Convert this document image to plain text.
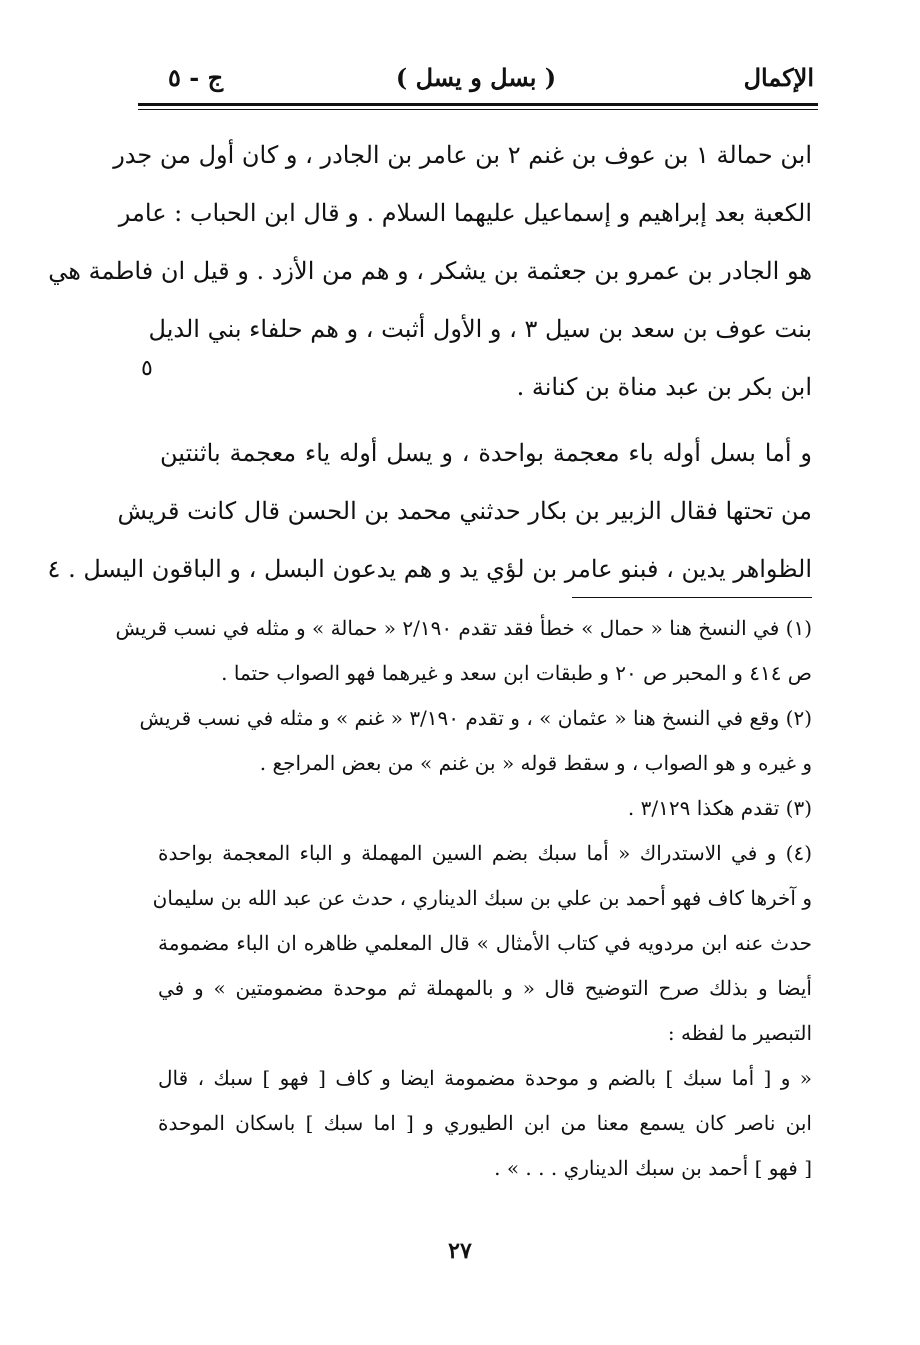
الإكمال
( بسل و يسل )
ج - ٥

ابن حمالة ١ بن عوف بن غنم ٢ بن عامر بن الجادر ، و كان أول من جدر

الكعبة بعد إبراهيم و إسماعيل عليهما السلام . و قال ابن الحباب : عامر

هو الجادر بن عمرو بن جعثمة بن يشكر ، و هم من الأزد . و قيل ان فاطمة هي

بنت عوف بن سعد بن سيل ٣ ، و الأول أثبت ، و هم حلفاء بني الديل

ابن بكر بن عبد مناة بن كنانة .

و أما بسل أوله باء معجمة بواحدة ، و يسل أوله ياء معجمة باثنتين

من تحتها فقال الزبير بن بكار حدثني محمد بن الحسن قال كانت قريش

الظواهر يدين ، فبنو عامر بن لؤي يد و هم يدعون البسل ، و الباقون اليسل . ٤

٥

(١) في النسخ هنا « حمال » خطأ فقد تقدم ٢/١٩٠ « حمالة » و مثله في نسب قريش

ص ٤١٤ و المحبر ص ٢٠ و طبقات ابن سعد و غيرهما فهو الصواب حتما .

(٢) وقع في النسخ هنا « عثمان » ، و تقدم ٣/١٩٠ « غنم » و مثله في نسب قريش

و غيره و هو الصواب ، و سقط قوله « بن غنم » من بعض المراجع .

(٣) تقدم هكذا ٣/١٢٩ .

(٤) و في الاستدراك « أما سبك بضم السين المهملة و الباء المعجمة بواحدة

و آخرها كاف فهو أحمد بن علي بن سبك الديناري ، حدث عن عبد الله بن سليمان

حدث عنه ابن مردويه في كتاب الأمثال » قال المعلمي ظاهره ان الباء مضمومة

أيضا و بذلك صرح التوضيح قال « و بالمهملة ثم موحدة مضمومتين » و في

التبصير ما لفظه :

« و [ أما سبك ] بالضم و موحدة مضمومة ايضا و كاف [ فهو ] سبك ، قال

ابن ناصر كان يسمع معنا من ابن الطيوري و [ اما سبك ] باسكان الموحدة

[ فهو ] أحمد بن سبك الديناري . . . » .

٢٧
